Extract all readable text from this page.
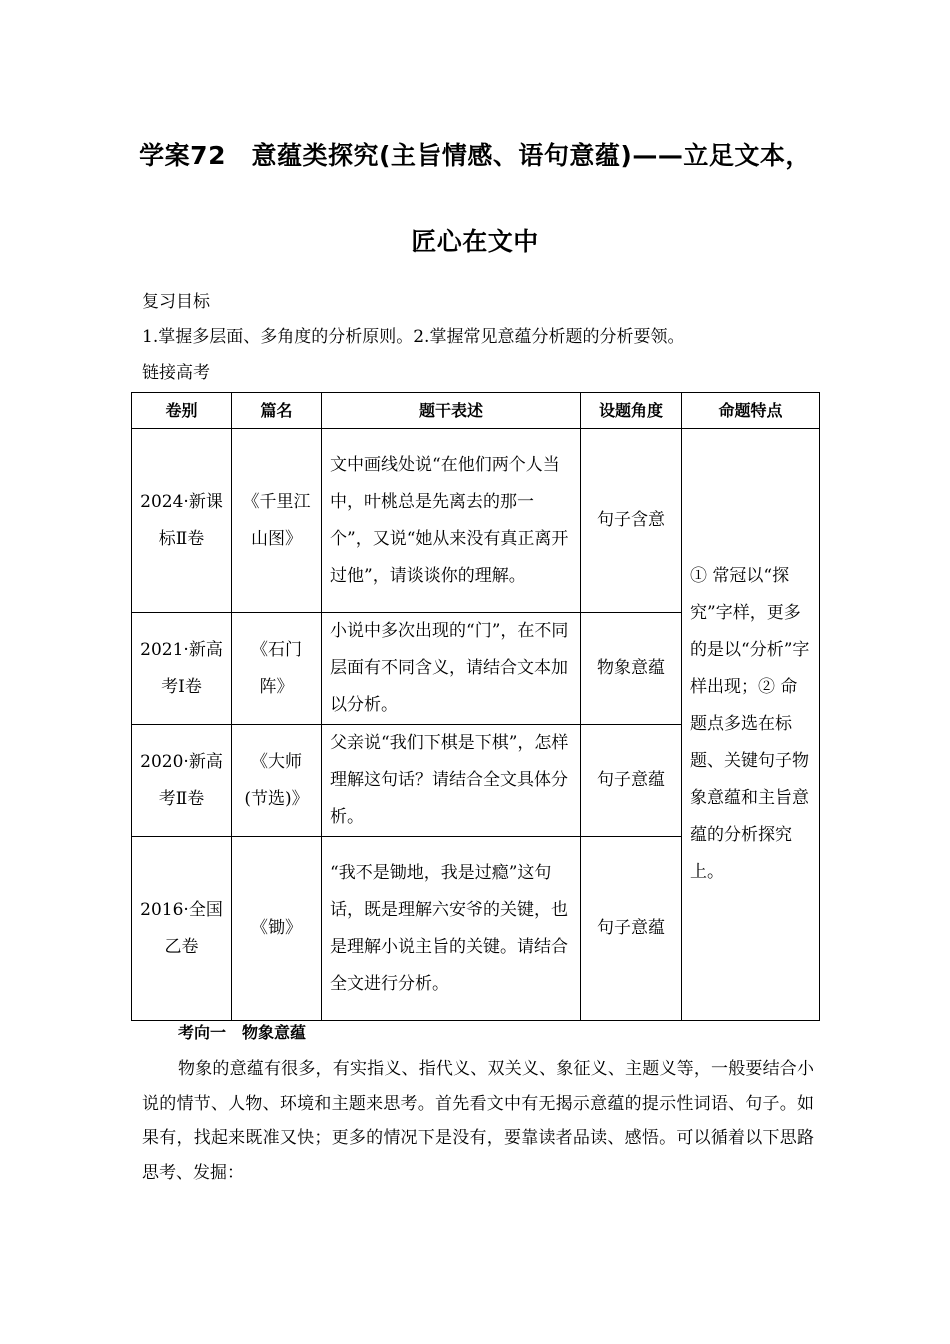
学案72　意蕴类探究(主旨情感、语句意蕴)——立足文本，
匠心在文中
复习目标
1.掌握多层面、多角度的分析原则。2.掌握常见意蕴分析题的分析要领。
链接高考
卷别	篇名	题干表述	设题角度	命题特点
2024·新课标Ⅱ卷	《千里江山图》	文中画线处说“在他们两个人当中，叶桃总是先离去的那一个”，又说“她从来没有真正离开过他”，请谈谈你的理解。	句子含意	① 常冠以“探究”字样，更多的是以“分析”字样出现；② 命题点多选在标题、关键句子物象意蕴和主旨意蕴的分析探究上。
2021·新高考Ⅰ卷	《石门阵》	小说中多次出现的“门”，在不同层面有不同含义，请结合文本加以分析。	物象意蕴	
2020·新高考Ⅱ卷	《大师(节选)》	父亲说“我们下棋是下棋”，怎样理解这句话？请结合全文具体分析。	句子意蕴	
2016·全国乙卷	《锄》	“我不是锄地，我是过瘾”这句话，既是理解六安爷的关键，也是理解小说主旨的关键。请结合全文进行分析。	句子意蕴	
考向一　物象意蕴
物象的意蕴有很多，有实指义、指代义、双关义、象征义、主题义等，一般要结合小说的情节、人物、环境和主题来思考。首先看文中有无揭示意蕴的提示性词语、句子。如果有，找起来既准又快；更多的情况下是没有，要靠读者品读、感悟。可以循着以下思路思考、发掘：
